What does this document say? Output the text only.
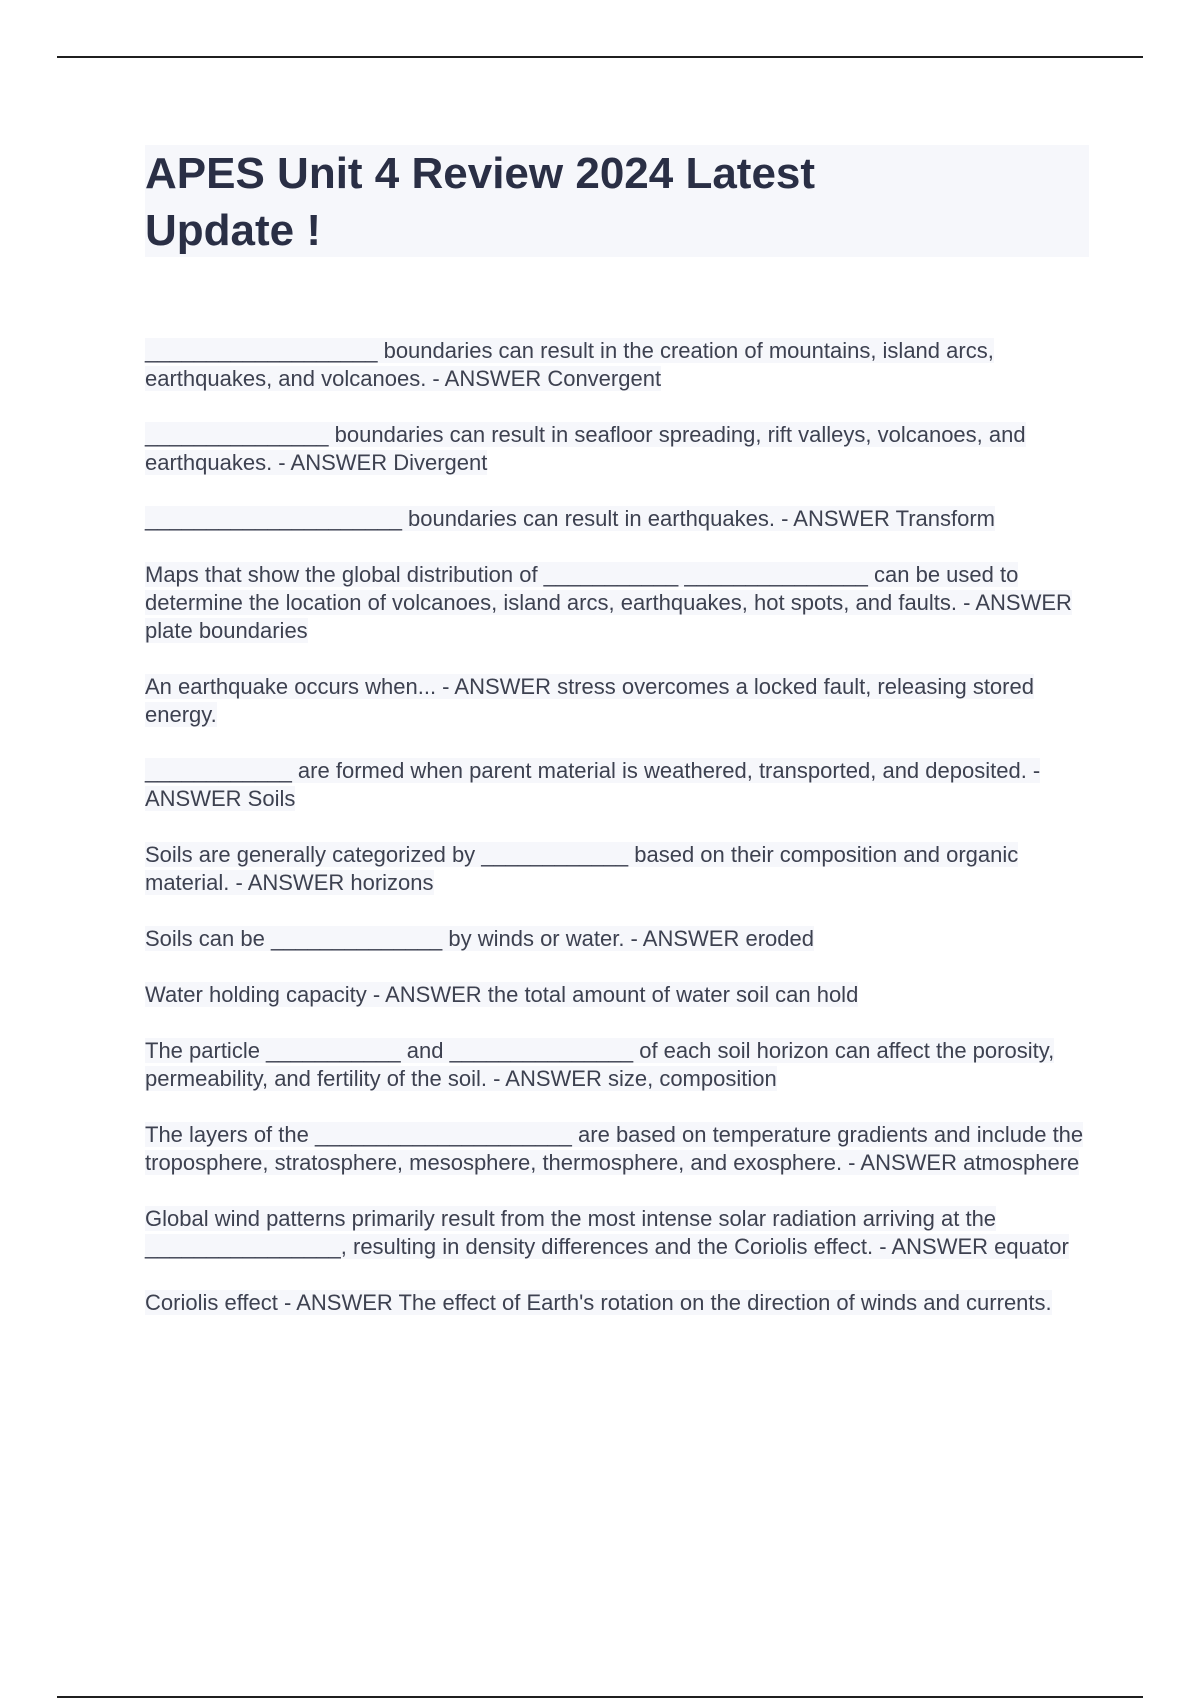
APES Unit 4 Review 2024 Latest Update !
___________________ boundaries can result in the creation of mountains, island arcs, earthquakes, and volcanoes. - ANSWER Convergent
_______________ boundaries can result in seafloor spreading, rift valleys, volcanoes, and earthquakes. - ANSWER Divergent
_____________________ boundaries can result in earthquakes. - ANSWER Transform
Maps that show the global distribution of ___________ _______________ can be used to determine the location of volcanoes, island arcs, earthquakes, hot spots, and faults. - ANSWER plate boundaries
An earthquake occurs when... - ANSWER stress overcomes a locked fault, releasing stored energy.
____________ are formed when parent material is weathered, transported, and deposited. - ANSWER Soils
Soils are generally categorized by ____________ based on their composition and organic material. - ANSWER horizons
Soils can be ______________ by winds or water. - ANSWER eroded
Water holding capacity - ANSWER the total amount of water soil can hold
The particle ___________ and _______________ of each soil horizon can affect the porosity, permeability, and fertility of the soil. - ANSWER size, composition
The layers of the _____________________ are based on temperature gradients and include the troposphere, stratosphere, mesosphere, thermosphere, and exosphere. - ANSWER atmosphere
Global wind patterns primarily result from the most intense solar radiation arriving at the ________________, resulting in density differences and the Coriolis effect. - ANSWER equator
Coriolis effect - ANSWER The effect of Earth's rotation on the direction of winds and currents.
